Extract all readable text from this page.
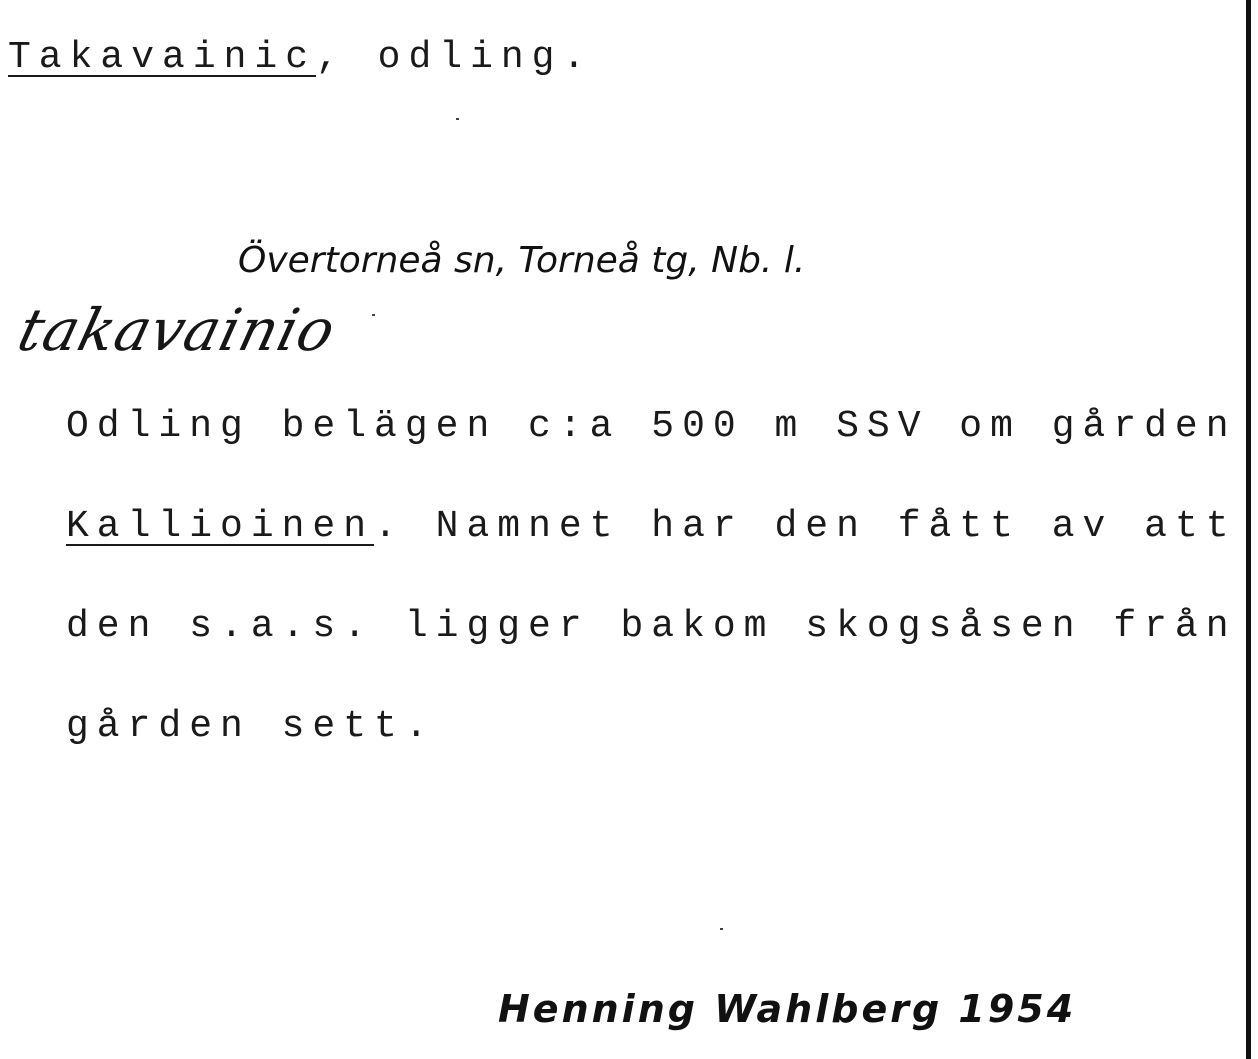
Takavainic, odling.
Övertorneå sn, Torneå tg, Nb. l.
takavainio
Odling belägen c:a 500 m SSV om gården
Kallioinen. Namnet har den fått av att
den s.a.s. ligger bakom skogsåsen från
gården sett.
Henning Wahlberg 1954
